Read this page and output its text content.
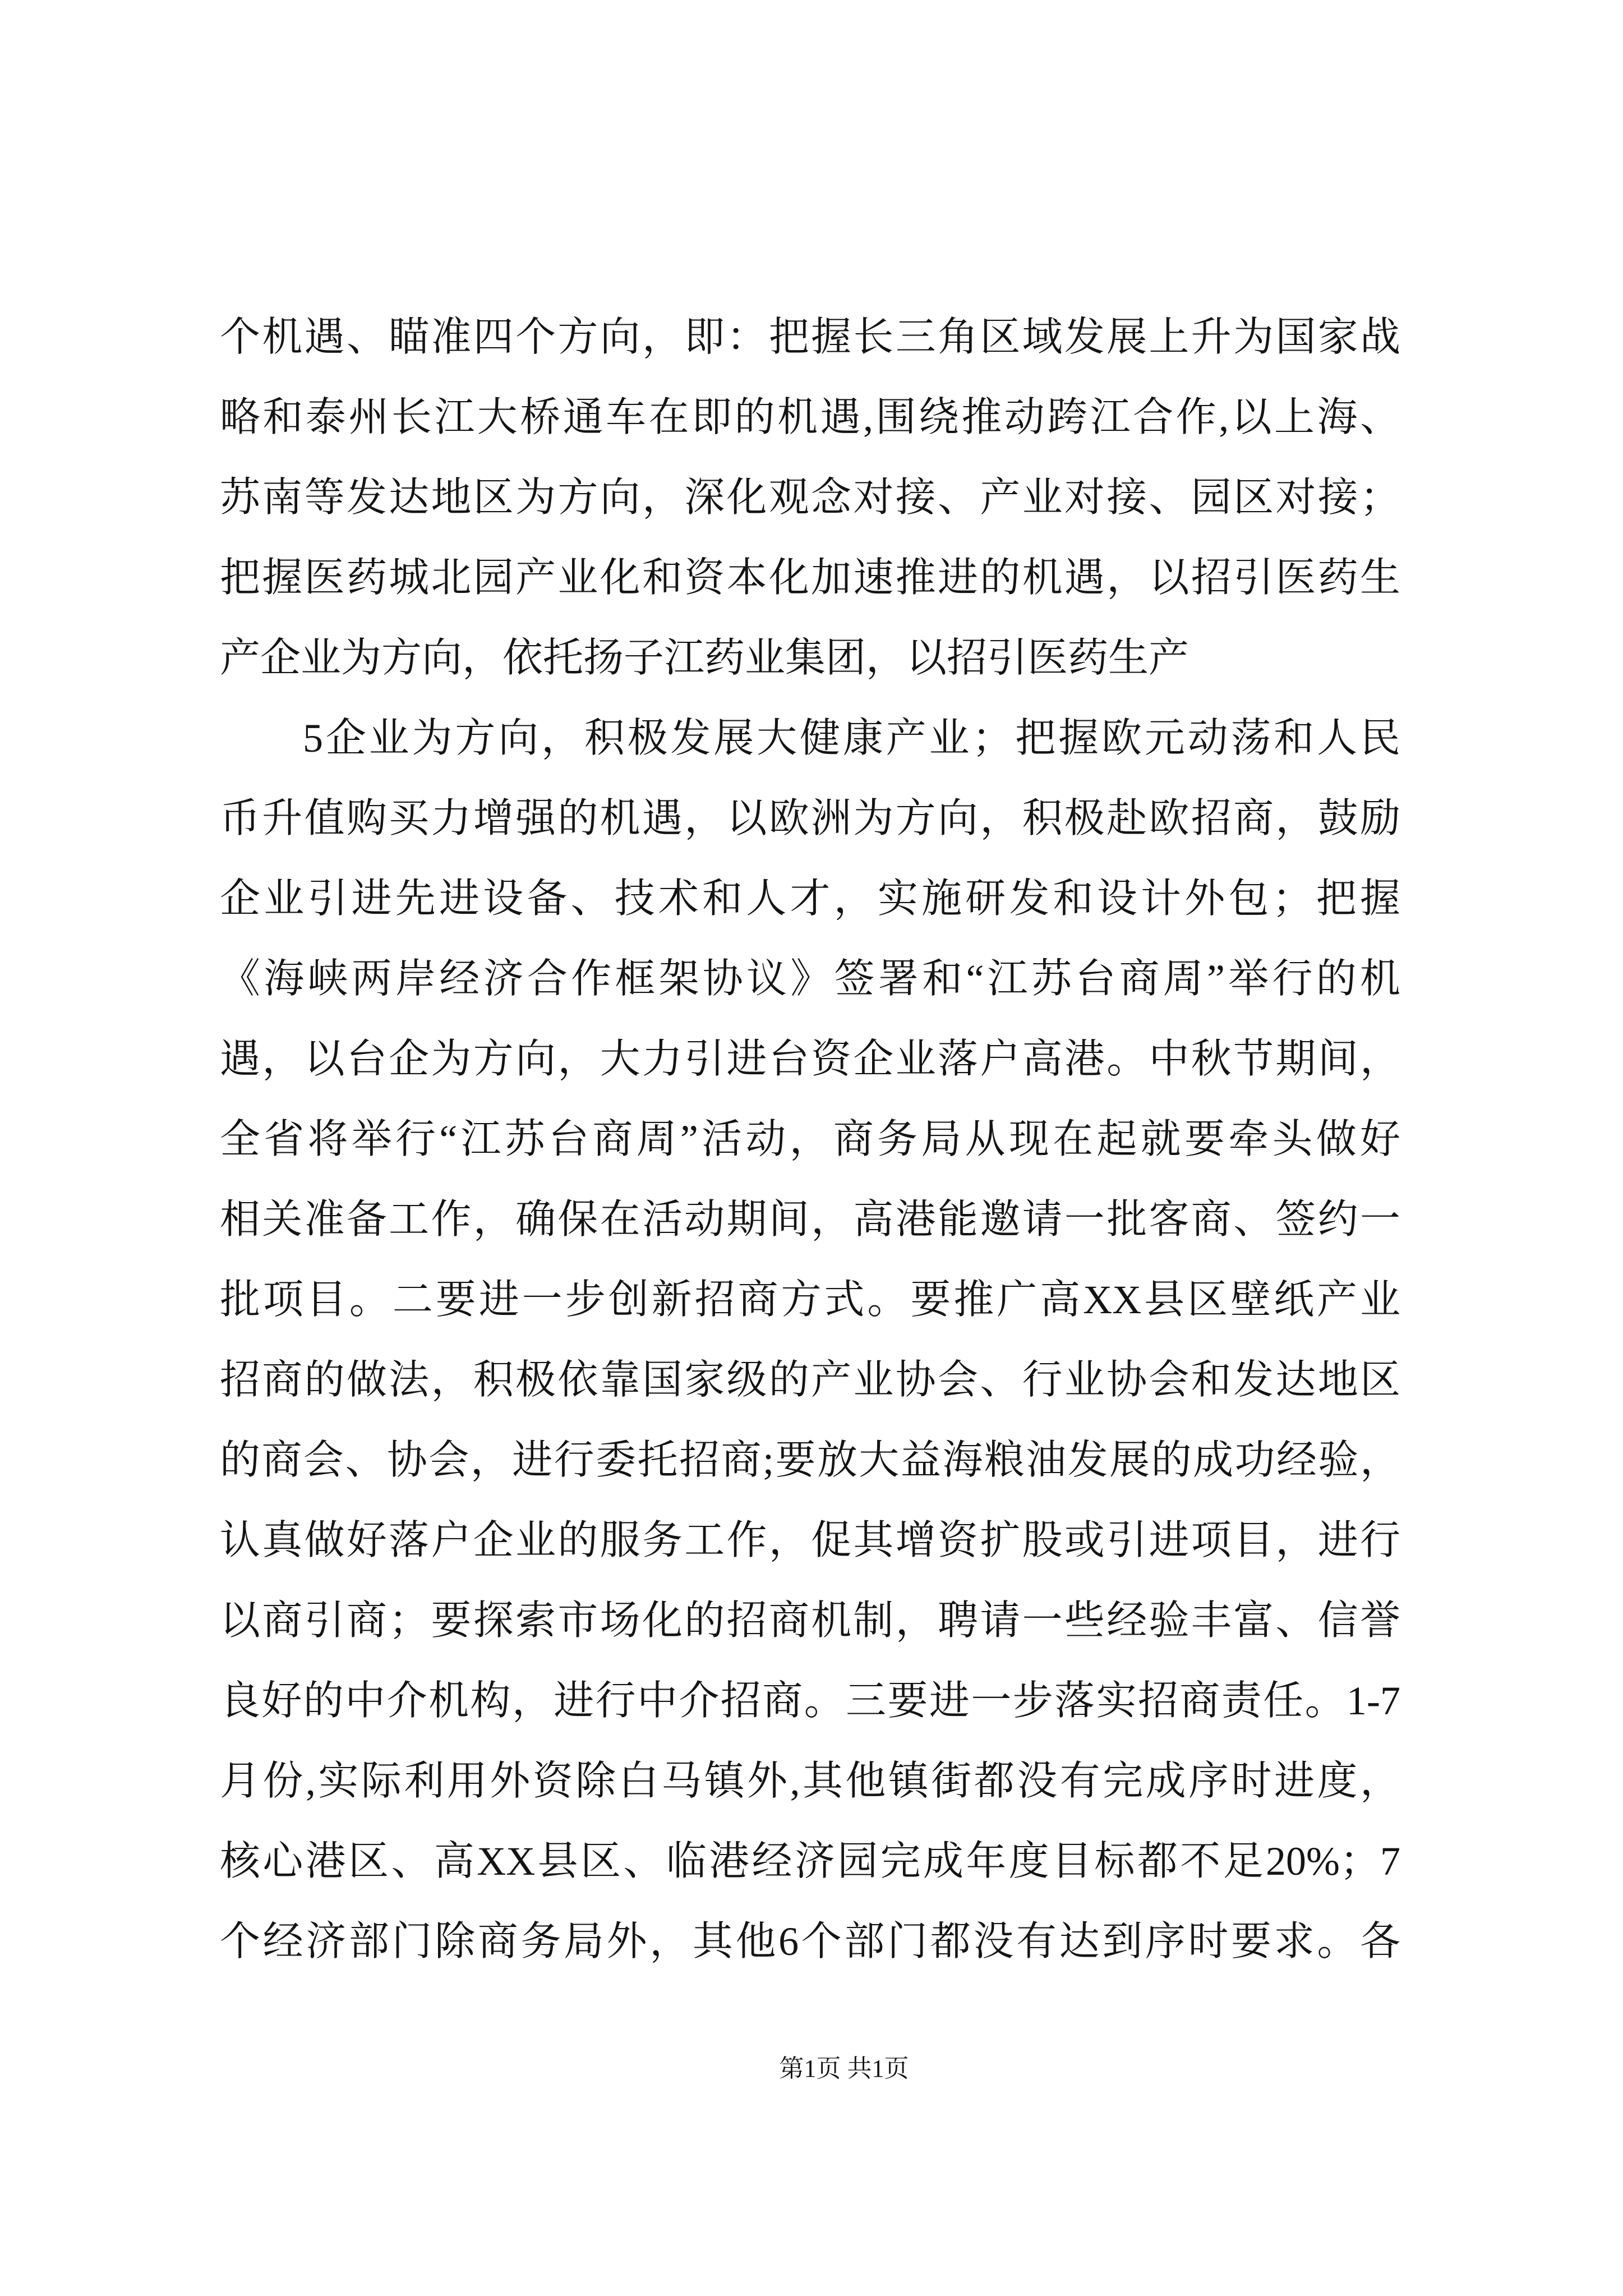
个机遇、瞄准四个方向，即：把握长三角区域发展上升为国家战
略和泰州长江大桥通车在即的机遇,围绕推动跨江合作,以上海、
苏南等发达地区为方向，深化观念对接、产业对接、园区对接；
把握医药城北园产业化和资本化加速推进的机遇，以招引医药生
产企业为方向，依托扬子江药业集团，以招引医药生产
5企业为方向，积极发展大健康产业；把握欧元动荡和人民
币升值购买力增强的机遇，以欧洲为方向，积极赴欧招商，鼓励
企业引进先进设备、技术和人才，实施研发和设计外包；把握
《海峡两岸经济合作框架协议》签署和“江苏台商周”举行的机
遇，以台企为方向，大力引进台资企业落户高港。中秋节期间，
全省将举行“江苏台商周”活动，商务局从现在起就要牵头做好
相关准备工作，确保在活动期间，高港能邀请一批客商、签约一
批项目。二要进一步创新招商方式。要推广高XX县区壁纸产业
招商的做法，积极依靠国家级的产业协会、行业协会和发达地区
的商会、协会，进行委托招商;要放大益海粮油发展的成功经验，
认真做好落户企业的服务工作，促其增资扩股或引进项目，进行
以商引商；要探索市场化的招商机制，聘请一些经验丰富、信誉
良好的中介机构，进行中介招商。三要进一步落实招商责任。1-7
月份,实际利用外资除白马镇外,其他镇街都没有完成序时进度，
核心港区、高XX县区、临港经济园完成年度目标都不足20%；7
个经济部门除商务局外，其他6个部门都没有达到序时要求。各
第1页 共1页
